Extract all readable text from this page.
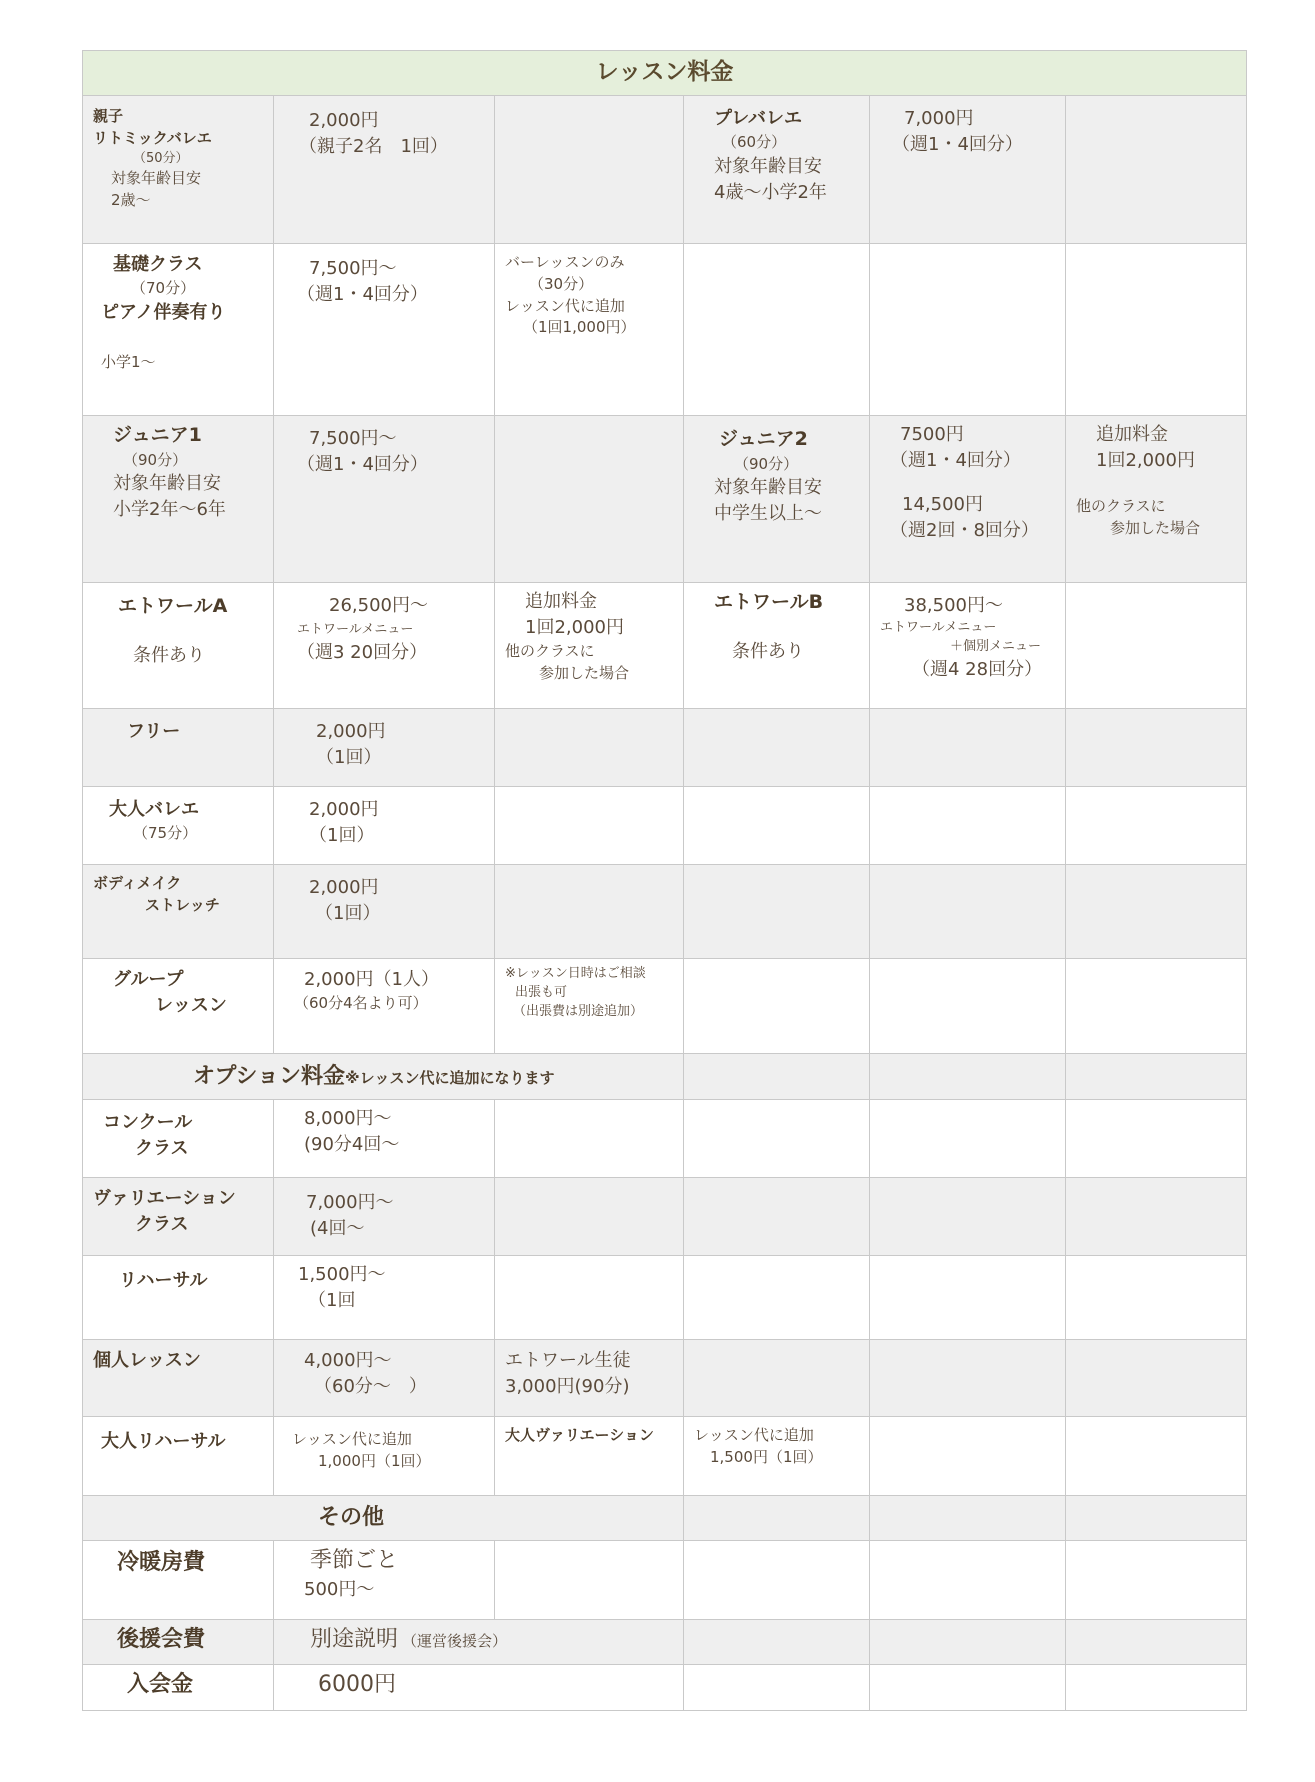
レッスン料金					

親子
リトミックバレエ
（50分）
対象年齢目安
2歳〜	2,000円
（親子2名　1回）		プレバレエ
（60分）
対象年齢目安
4歳〜小学2年	7,000円
（週1・4回分）	

基礎クラス
（70分）
ピアノ伴奏有り
小学1〜	7,500円〜
（週1・4回分）	バーレッスンのみ
（30分）
レッスン代に追加
（1回1,000円）			

ジュニア1
（90分）
対象年齢目安
小学2年〜6年	7,500円〜
（週1・4回分）		ジュニア2
（90分）
対象年齢目安
中学生以上〜	7500円
（週1・4回分）
14,500円
（週2回・8回分）	追加料金
1回2,000円
他のクラスに
参加した場合

エトワールA
条件あり	26,500円〜
エトワールメニュー
（週3 20回分）	追加料金
1回2,000円
他のクラスに
参加した場合	エトワールB
条件あり	38,500円〜
エトワールメニュー
＋個別メニュー
（週4 28回分）	

フリー	2,000円
（1回）				

大人バレエ
（75分）	2,000円
（1回）				

ボディメイク
ストレッチ	2,000円
（1回）				

グループ
レッスン	2,000円（1人）
（60分4名より可）	※レッスン日時はご相談
出張も可
（出張費は別途追加）			

オプション料金※レッスン代に追加になります					

コンクール
クラス	8,000円〜
(90分4回〜				

ヴァリエーション
クラス	7,000円〜
(4回〜				

リハーサル	1,500円〜
（1回				

個人レッスン	4,000円〜
（60分〜　）	エトワール生徒
3,000円(90分)			

大人リハーサル	レッスン代に追加
1,000円（1回）	大人ヴァリエーション	レッスン代に追加
1,500円（1回）		

その他					

冷暖房費	季節ごと
500円〜				

後援会費	別途説明 （運営後援会）				

入会金	6000円				
